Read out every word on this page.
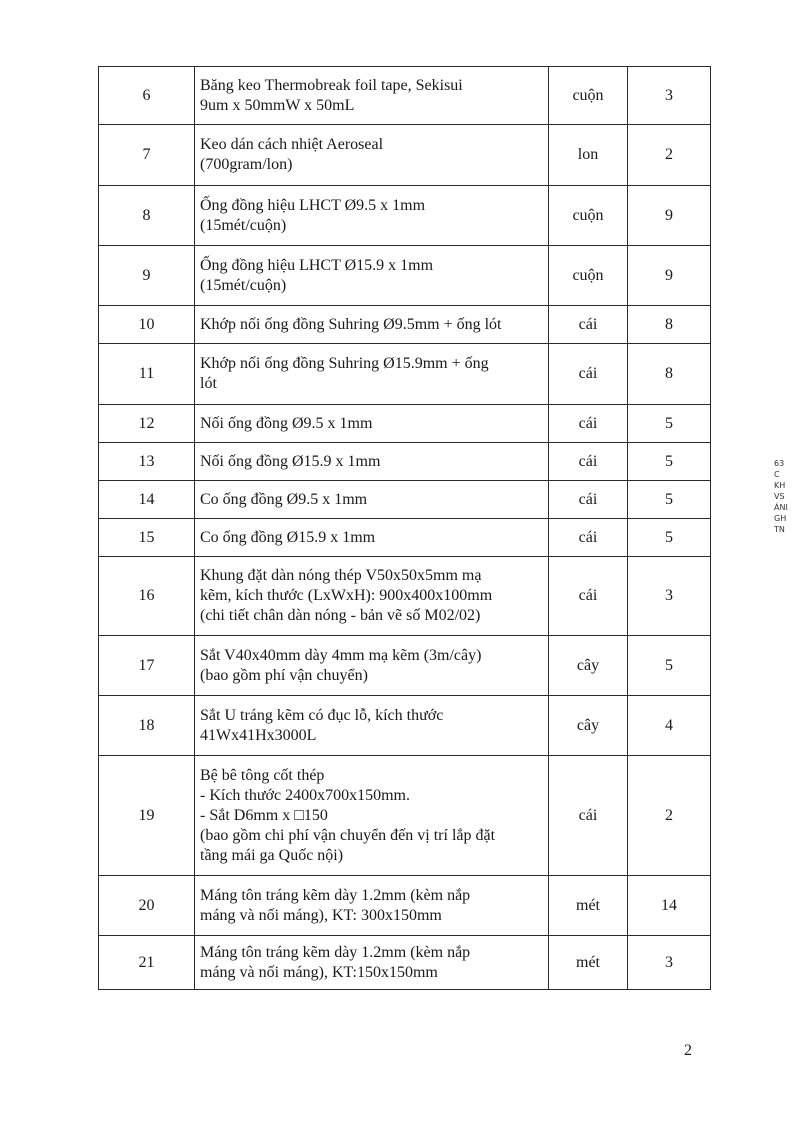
6	Băng keo Thermobreak foil tape, Sekisui
9um x 50mmW x 50mL	cuộn	3
7	Keo dán cách nhiệt Aeroseal
(700gram/lon)	lon	2
8	Ống đồng hiệu LHCT Ø9.5 x 1mm
(15mét/cuộn)	cuộn	9
9	Ống đồng hiệu LHCT Ø15.9 x 1mm
(15mét/cuộn)	cuộn	9
10	Khớp nối ống đồng Suhring Ø9.5mm + ống lót	cái	8
11	Khớp nối ống đồng Suhring Ø15.9mm + ống
lót	cái	8
12	Nối ống đồng Ø9.5 x 1mm	cái	5
13	Nối ống đồng Ø15.9 x 1mm	cái	5
14	Co ống đồng Ø9.5 x 1mm	cái	5
15	Co ống đồng Ø15.9 x 1mm	cái	5
16	Khung đặt dàn nóng thép V50x50x5mm mạ
kẽm, kích thước (LxWxH): 900x400x100mm
(chi tiết chân dàn nóng - bản vẽ số M02/02)	cái	3
17	Sắt V40x40mm dày 4mm mạ kẽm (3m/cây)
(bao gồm phí vận chuyển)	cây	5
18	Sắt U tráng kẽm có đục lỗ, kích thước
41Wx41Hx3000L	cây	4
19	Bệ bê tông cốt thép
- Kích thước 2400x700x150mm.
- Sắt D6mm x □150
(bao gồm chi phí vận chuyển đến vị trí lắp đặt
tầng mái ga Quốc nội)	cái	2
20	Máng tôn tráng kẽm dày 1.2mm (kèm nắp
máng và nối máng), KT: 300x150mm	mét	14
21	Máng tôn tráng kẽm dày 1.2mm (kèm nắp
máng và nối máng), KT:150x150mm	mét	3
63
C
KH
VS
ÁNI
GH
TN
2
